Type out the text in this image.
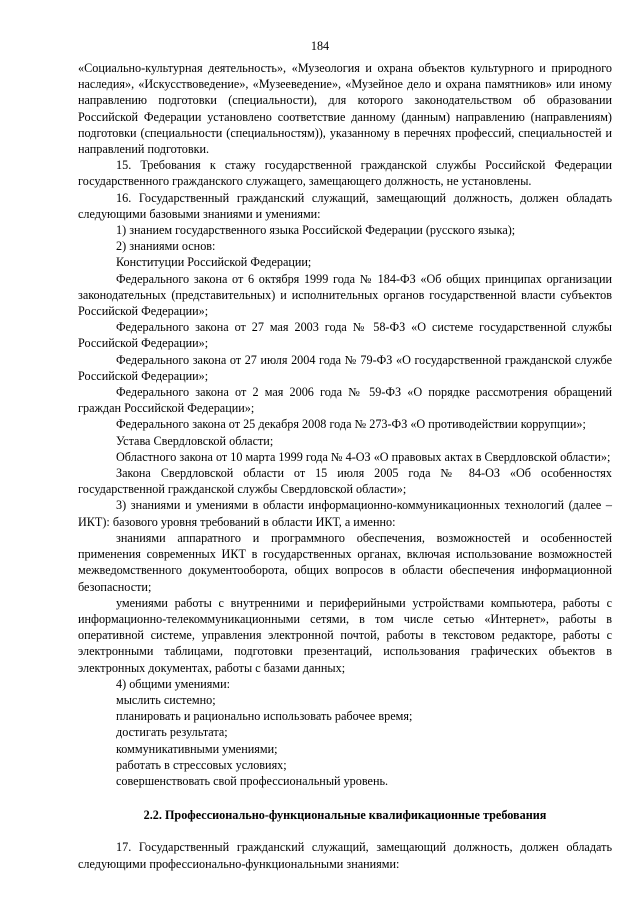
184

«Социально-культурная деятельность», «Музеология и охрана объектов культурного и природного наследия», «Искусствоведение», «Музееведение», «Музейное дело и охрана памятников» или иному направлению подготовки (специальности), для которого законодательством об образовании Российской Федерации установлено соответствие данному (данным) направлению (направлениям) подготовки (специальности (специальностям)), указанному в перечнях профессий, специальностей и направлений подготовки.

15. Требования к стажу государственной гражданской службы Российской Федерации государственного гражданского служащего, замещающего должность, не установлены.

16. Государственный гражданский служащий, замещающий должность, должен обладать следующими базовыми знаниями и умениями:

1) знанием государственного языка Российской Федерации (русского языка);

2) знаниями основ:

Конституции Российской Федерации;

Федерального закона от 6 октября 1999 года № 184-ФЗ «Об общих принципах организации законодательных (представительных) и исполнительных органов государственной власти субъектов Российской Федерации»;

Федерального закона от 27 мая 2003 года № 58-ФЗ «О системе государственной службы Российской Федерации»;

Федерального закона от 27 июля 2004 года № 79-ФЗ «О государственной гражданской службе Российской Федерации»;

Федерального закона от 2 мая 2006 года № 59-ФЗ «О порядке рассмотрения обращений граждан Российской Федерации»;

Федерального закона от 25 декабря 2008 года № 273-ФЗ «О противодействии коррупции»;

Устава Свердловской области;

Областного закона от 10 марта 1999 года № 4-ОЗ «О правовых актах в Свердловской области»;

Закона Свердловской области от 15 июля 2005 года № 84-ОЗ «Об особенностях государственной гражданской службы Свердловской области»;

3) знаниями и умениями в области информационно-коммуникационных технологий (далее – ИКТ): базового уровня требований в области ИКТ, а именно:

знаниями аппаратного и программного обеспечения, возможностей и особенностей применения современных ИКТ в государственных органах, включая использование возможностей межведомственного документооборота, общих вопросов в области обеспечения информационной безопасности;

умениями работы с внутренними и периферийными устройствами компьютера, работы с информационно-телекоммуникационными сетями, в том числе сетью «Интернет», работы в оперативной системе, управления электронной почтой, работы в текстовом редакторе, работы с электронными таблицами, подготовки презентаций, использования графических объектов в электронных документах, работы с базами данных;

4) общими умениями:

мыслить системно;

планировать и рационально использовать рабочее время;

достигать результата;

коммуникативными умениями;

работать в стрессовых условиях;

совершенствовать свой профессиональный уровень.

2.2. Профессионально-функциональные квалификационные требования

17. Государственный гражданский служащий, замещающий должность, должен обладать следующими профессионально-функциональными знаниями:
